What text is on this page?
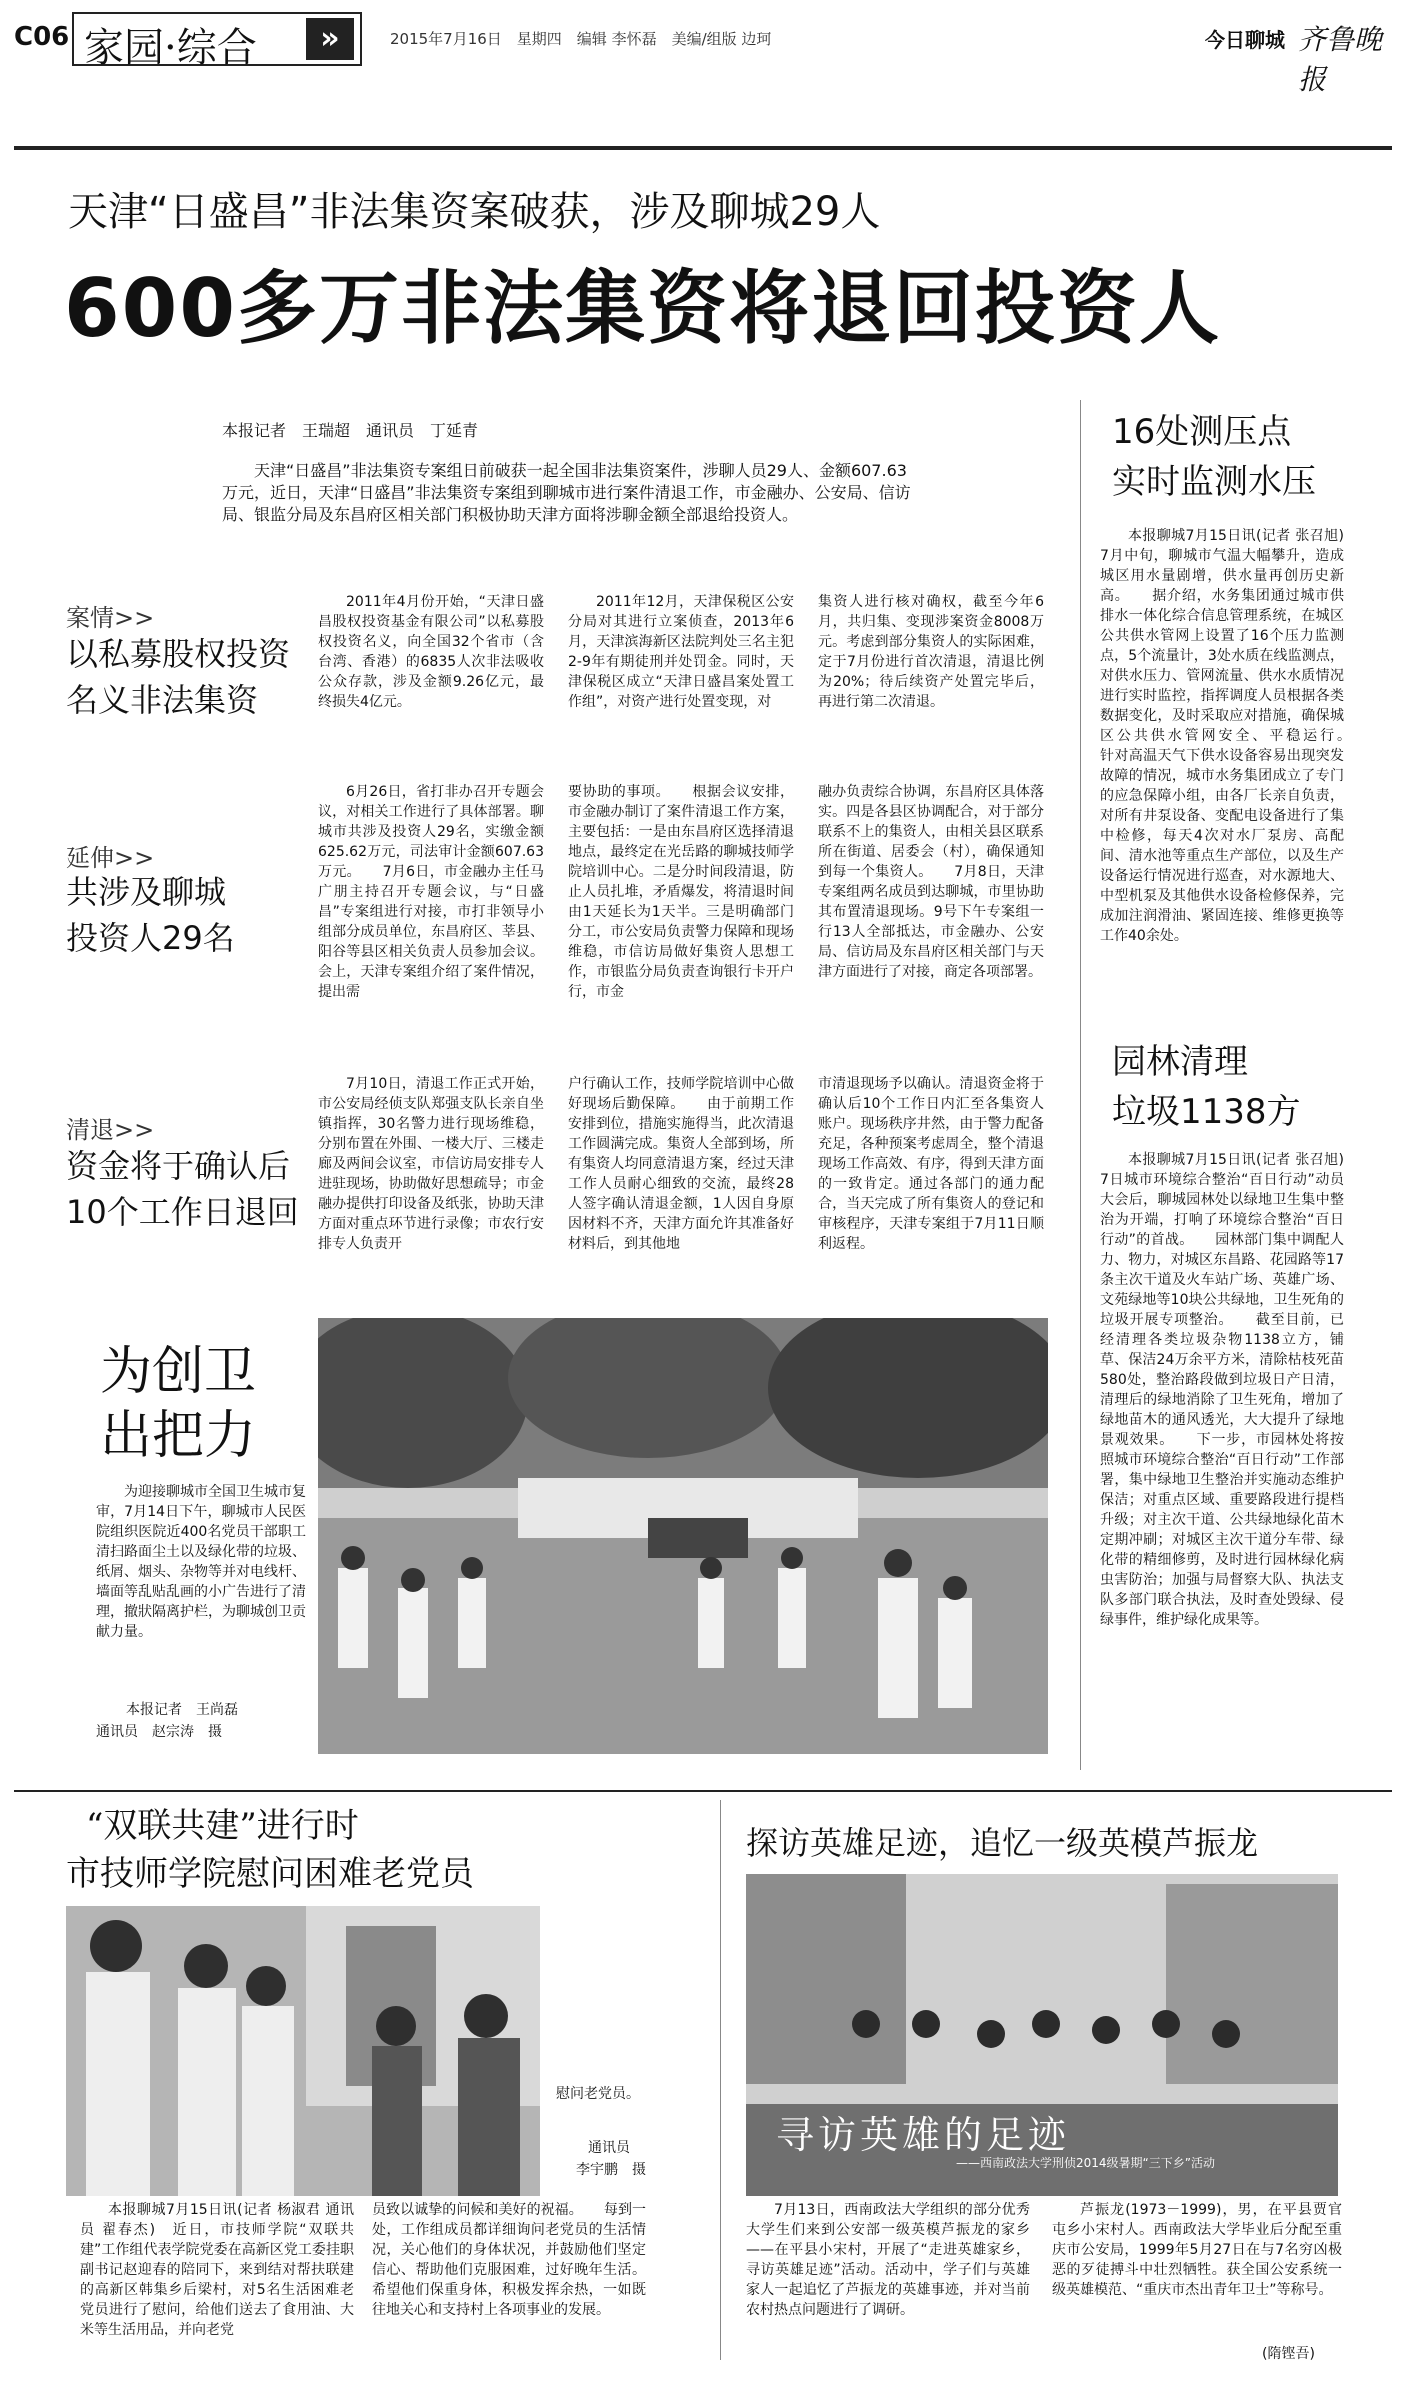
C06 家园·综合	»	2015年7月16日　星期四　编辑 李怀磊　美编/组版 边珂	今日聊城 齐鲁晚报
天津“日盛昌”非法集资案破获，涉及聊城29人
600多万非法集资将退回投资人
本报记者　王瑞超　通讯员　丁延青
天津“日盛昌”非法集资专案组日前破获一起全国非法集资案件，涉聊人员29人、金额607.63万元，近日，天津“日盛昌”非法集资专案组到聊城市进行案件清退工作，市金融办、公安局、信访局、银监分局及东昌府区相关部门积极协助天津方面将涉聊金额全部退给投资人。
案情>>
以私募股权投资
名义非法集资
延伸>>
共涉及聊城
投资人29名
清退>>
资金将于确认后
10个工作日退回
2011年4月份开始，“天津日盛昌股权投资基金有限公司”以私募股权投资名义，向全国32个省市（含台湾、香港）的6835人次非法吸收公众存款，涉及金额9.26亿元，最终损失4亿元。
2011年12月，天津保税区公安分局对其进行立案侦查，2013年6月，天津滨海新区法院判处三名主犯2-9年有期徒刑并处罚金。同时，天津保税区成立“天津日盛昌案处置工作组”，对资产进行处置变现，对
集资人进行核对确权，截至今年6月，共归集、变现涉案资金8008万元。考虑到部分集资人的实际困难，定于7月份进行首次清退，清退比例为20%；待后续资产处置完毕后，再进行第二次清退。
6月26日，省打非办召开专题会议，对相关工作进行了具体部署。聊城市共涉及投资人29名，实缴金额625.62万元，司法审计金额607.63万元。　　7月6日，市金融办主任马广朋主持召开专题会议，与“日盛昌”专案组进行对接，市打非领导小组部分成员单位，东昌府区、莘县、阳谷等县区相关负责人员参加会议。会上，天津专案组介绍了案件情况，提出需
要协助的事项。　　根据会议安排，市金融办制订了案件清退工作方案，主要包括：一是由东昌府区选择清退地点，最终定在光岳路的聊城技师学院培训中心。二是分时间段清退，防止人员扎堆，矛盾爆发，将清退时间由1天延长为1天半。三是明确部门分工，市公安局负责警力保障和现场维稳，市信访局做好集资人思想工作，市银监分局负责查询银行卡开户行，市金
融办负责综合协调，东昌府区具体落实。四是各县区协调配合，对于部分联系不上的集资人，由相关县区联系所在街道、居委会（村），确保通知到每一个集资人。　　7月8日，天津专案组两名成员到达聊城，市里协助其布置清退现场。9号下午专案组一行13人全部抵达，市金融办、公安局、信访局及东昌府区相关部门与天津方面进行了对接，商定各项部署。
7月10日，清退工作正式开始，市公安局经侦支队郑强支队长亲自坐镇指挥，30名警力进行现场维稳，分别布置在外围、一楼大厅、三楼走廊及两间会议室，市信访局安排专人进驻现场，协助做好思想疏导；市金融办提供打印设备及纸张，协助天津方面对重点环节进行录像；市农行安排专人负责开
户行确认工作，技师学院培训中心做好现场后勤保障。　　由于前期工作安排到位，措施实施得当，此次清退工作圆满完成。集资人全部到场，所有集资人均同意清退方案，经过天津工作人员耐心细致的交流，最终28人签字确认清退金额，1人因自身原因材料不齐，天津方面允许其准备好材料后，到其他地
市清退现场予以确认。清退资金将于确认后10个工作日内汇至各集资人账户。现场秩序井然，由于警力配备充足，各种预案考虑周全，整个清退现场工作高效、有序，得到天津方面的一致肯定。通过各部门的通力配合，当天完成了所有集资人的登记和审核程序，天津专案组于7月11日顺利返程。
16处测压点
实时监测水压
本报聊城7月15日讯(记者 张召旭)　7月中旬，聊城市气温大幅攀升，造成城区用水量剧增，供水量再创历史新高。　　据介绍，水务集团通过城市供排水一体化综合信息管理系统，在城区公共供水管网上设置了16个压力监测点，5个流量计，3处水质在线监测点，对供水压力、管网流量、供水水质情况进行实时监控，指挥调度人员根据各类数据变化，及时采取应对措施，确保城区公共供水管网安全、平稳运行。　　针对高温天气下供水设备容易出现突发故障的情况，城市水务集团成立了专门的应急保障小组，由各厂长亲自负责，对所有井泵设备、变配电设备进行了集中检修，每天4次对水厂泵房、高配间、清水池等重点生产部位，以及生产设备运行情况进行巡查，对水源地大、中型机泵及其他供水设备检修保养，完成加注润滑油、紧固连接、维修更换等工作40余处。
园林清理
垃圾1138方
本报聊城7月15日讯(记者 张召旭)　7日城市环境综合整治“百日行动”动员大会后，聊城园林处以绿地卫生集中整治为开端，打响了环境综合整治“百日行动”的首战。　　园林部门集中调配人力、物力，对城区东昌路、花园路等17条主次干道及火车站广场、英雄广场、文苑绿地等10块公共绿地，卫生死角的垃圾开展专项整治。　　截至目前，已经清理各类垃圾杂物1138立方，铺草、保洁24万余平方米，清除枯枝死苗580处，整治路段做到垃圾日产日清，清理后的绿地消除了卫生死角，增加了绿地苗木的通风透光，大大提升了绿地景观效果。　　下一步，市园林处将按照城市环境综合整治“百日行动”工作部署，集中绿地卫生整治并实施动态维护保洁；对重点区域、重要路段进行提档升级；对主次干道、公共绿地绿化苗木定期冲刷；对城区主次干道分车带、绿化带的精细修剪，及时进行园林绿化病虫害防治；加强与局督察大队、执法支队多部门联合执法，及时查处毁绿、侵绿事件，维护绿化成果等。
为创卫
出把力
为迎接聊城市全国卫生城市复审，7月14日下午，聊城市人民医院组织医院近400名党员干部职工清扫路面尘土以及绿化带的垃圾、纸屑、烟头、杂物等并对电线杆、墙面等乱贴乱画的小广告进行了清理，撤狀隔离护栏，为聊城创卫贡献力量。
本报记者　王尚磊
通讯员　赵宗涛　摄
“双联共建”进行时
市技师学院慰问困难老党员
慰问老党员。
通讯员
李宇鹏　摄
本报聊城7月15日讯(记者 杨淑君 通讯员 翟春杰)　近日，市技师学院“双联共建”工作组代表学院党委在高新区党工委挂职副书记赵迎春的陪同下，来到结对帮扶联建的高新区韩集乡后梁村，对5名生活困难老党员进行了慰问，给他们送去了食用油、大米等生活用品，并向老党
员致以诚挚的问候和美好的祝福。　　每到一处，工作组成员都详细询问老党员的生活情况，关心他们的身体状况，并鼓励他们坚定信心、帮助他们克服困难，过好晚年生活。希望他们保重身体，积极发挥余热，一如既往地关心和支持村上各项事业的发展。
探访英雄足迹，追忆一级英模芦振龙
寻访英雄的足迹
——西南政法大学刑侦2014级暑期“三下乡”活动
7月13日，西南政法大学组织的部分优秀大学生们来到公安部一级英模芦振龙的家乡——在平县小宋村，开展了“走进英雄家乡，寻访英雄足迹”活动。活动中，学子们与英雄家人一起追忆了芦振龙的英雄事迹，并对当前农村热点问题进行了调研。
芦振龙(1973－1999)，男，在平县贾官屯乡小宋村人。西南政法大学毕业后分配至重庆市公安局，1999年5月27日在与7名穷凶极恶的歹徒搏斗中壮烈牺牲。获全国公安系统一级英雄模范、“重庆市杰出青年卫士”等称号。
(隋铿吾)
